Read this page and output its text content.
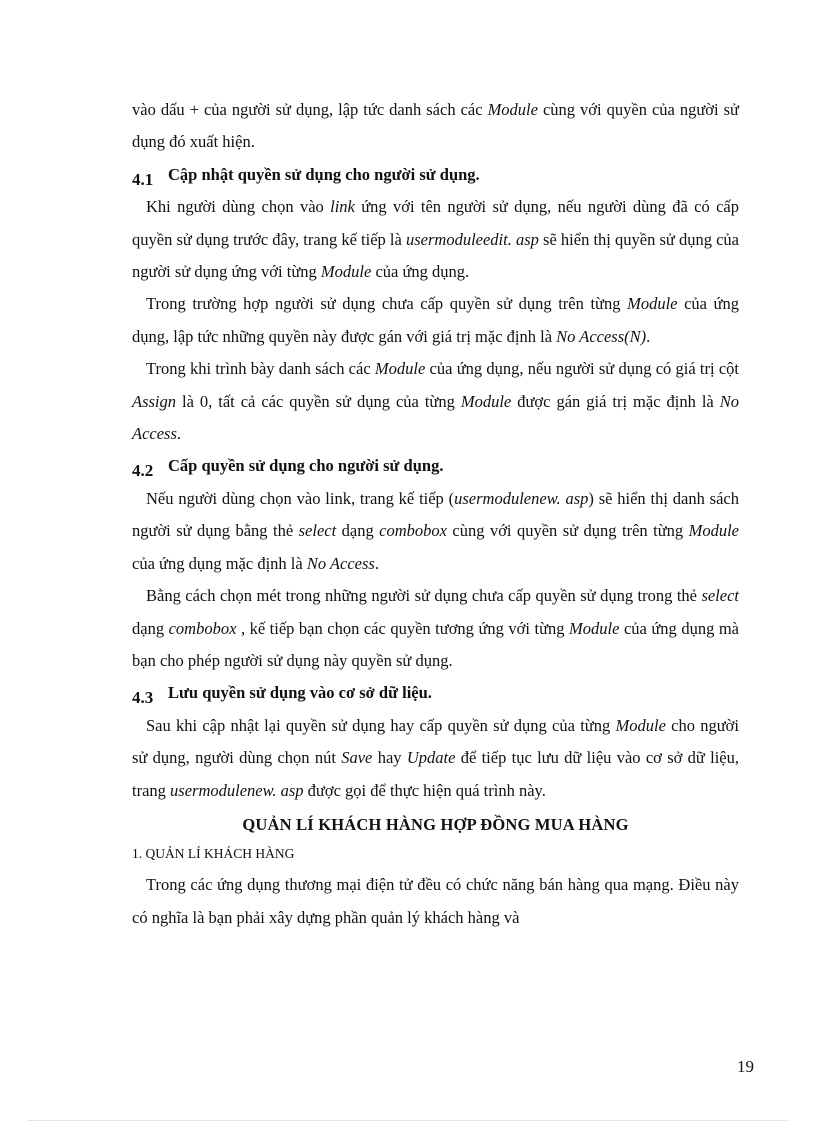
vào dấu + của người sử dụng, lập tức danh sách các Module cùng với quyền của người sử dụng đó xuất hiện.

4.1 Cập nhật quyền sử dụng cho người sử dụng.

Khi người dùng chọn vào link ứng với tên người sử dụng, nếu người dùng đã có cấp quyền sử dụng trước đây, trang kế tiếp là usermoduleedit. asp sẽ hiển thị quyền sử dụng của người sử dụng ứng với từng Module của ứng dụng.

Trong trường hợp người sử dụng chưa cấp quyền sử dụng trên từng Module của ứng dụng, lập tức những quyền này được gán với giá trị mặc định là No Access(N).

Trong khi trình bày danh sách các Module của ứng dụng, nếu người sử dụng có giá trị cột Assign là 0, tất cả các quyền sử dụng của từng Module được gán giá trị mặc định là No Access.

4.2 Cấp quyền sử dụng cho người sử dụng.

Nếu người dùng chọn vào link, trang kế tiếp (usermodulenew. asp) sẽ hiển thị danh sách người sử dụng bằng thẻ select dạng combobox cùng với quyền sử dụng trên từng Module của ứng dụng mặc định là No Access.

Bằng cách chọn mét trong những người sử dụng chưa cấp quyền sử dụng trong thẻ select dạng combobox , kế tiếp bạn chọn các quyền tương ứng với từng Module của ứng dụng mà bạn cho phép người sử dụng này quyền sử dụng.

4.3 Lưu quyền sử dụng vào cơ sở dữ liệu.

Sau khi cập nhật lại quyền sử dụng hay cấp quyền sử dụng của từng Module cho người sử dụng, người dùng chọn nút Save hay Update để tiếp tục lưu dữ liệu vào cơ sở dữ liệu, trang usermodulenew. asp được gọi để thực hiện quá trình này.

QUẢN LÍ KHÁCH HÀNG HỢP ĐỒNG MUA HÀNG
1. QUẢN LÍ KHÁCH HÀNG

Trong các ứng dụng thương mại điện tử đều có chức năng bán hàng qua mạng. Điều này có nghĩa là bạn phải xây dựng phần quản lý khách hàng và

19
